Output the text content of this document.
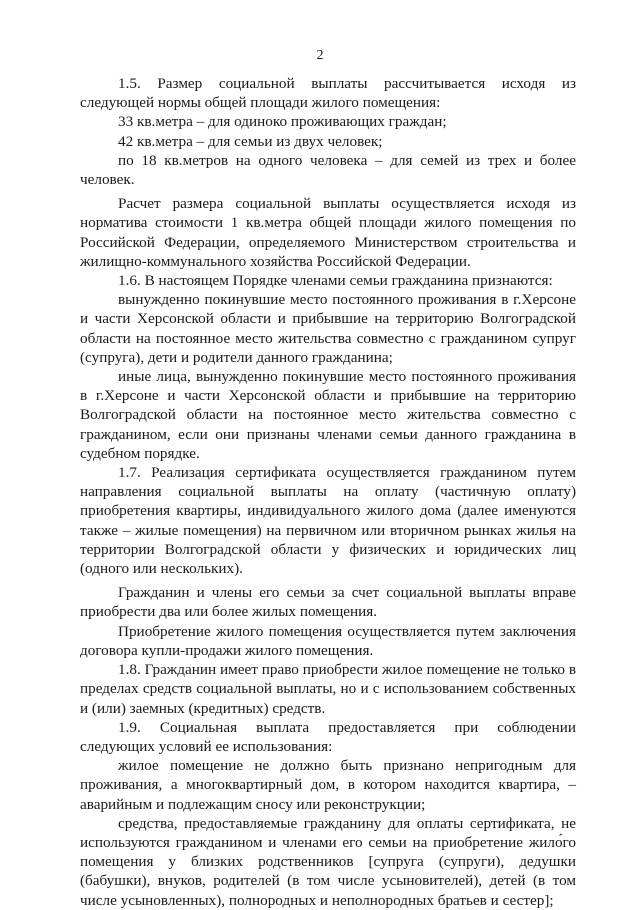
2

1.5. Размер социальной выплаты рассчитывается исходя из следующей нормы общей площади жилого помещения:

33 кв.метра – для одиноко проживающих граждан;

42 кв.метра – для семьи из двух человек;

по 18 кв.метров на одного человека – для семей из трех и более человек.

Расчет размера социальной выплаты осуществляется исходя из норматива стоимости 1 кв.метра общей площади жилого помещения по Российской Федерации, определяемого Министерством строительства и жилищно-коммунального хозяйства Российской Федерации.

1.6. В настоящем Порядке членами семьи гражданина признаются:

вынужденно покинувшие место постоянного проживания в г.Херсоне и части Херсонской области и прибывшие на территорию Волгоградской области на постоянное место жительства совместно с гражданином супруг (супруга), дети и родители данного гражданина;

иные лица, вынужденно покинувшие место постоянного проживания в г.Херсоне и части Херсонской области и прибывшие на территорию Волгоградской области на постоянное место жительства совместно с гражданином, если они признаны членами семьи данного гражданина в судебном порядке.

1.7. Реализация сертификата осуществляется гражданином путем направления социальной выплаты на оплату (частичную оплату) приобретения квартиры, индивидуального жилого дома (далее именуются также – жилые помещения) на первичном или вторичном рынках жилья на территории Волгоградской области у физических и юридических лиц (одного или нескольких).

Гражданин и члены его семьи за счет социальной выплаты вправе приобрести два или более жилых помещения.

Приобретение жилого помещения осуществляется путем заключения договора купли-продажи жилого помещения.

1.8. Гражданин имеет право приобрести жилое помещение не только в пределах средств социальной выплаты, но и с использованием собственных и (или) заемных (кредитных) средств.

1.9. Социальная выплата предоставляется при соблюдении следующих условий ее использования:

жилое помещение не должно быть признано непригодным для проживания, а многоквартирный дом, в котором находится квартира, – аварийным и подлежащим сносу или реконструкции;

средства, предоставляемые гражданину для оплаты сертификата, не используются гражданином и членами его семьи на приобретение жило́го помещения у близких родственников [супруга (супруги), дедушки (бабушки), внуков, родителей (в том числе усыновителей), детей (в том числе усыновленных), полнородных и неполнородных братьев и сестер];
